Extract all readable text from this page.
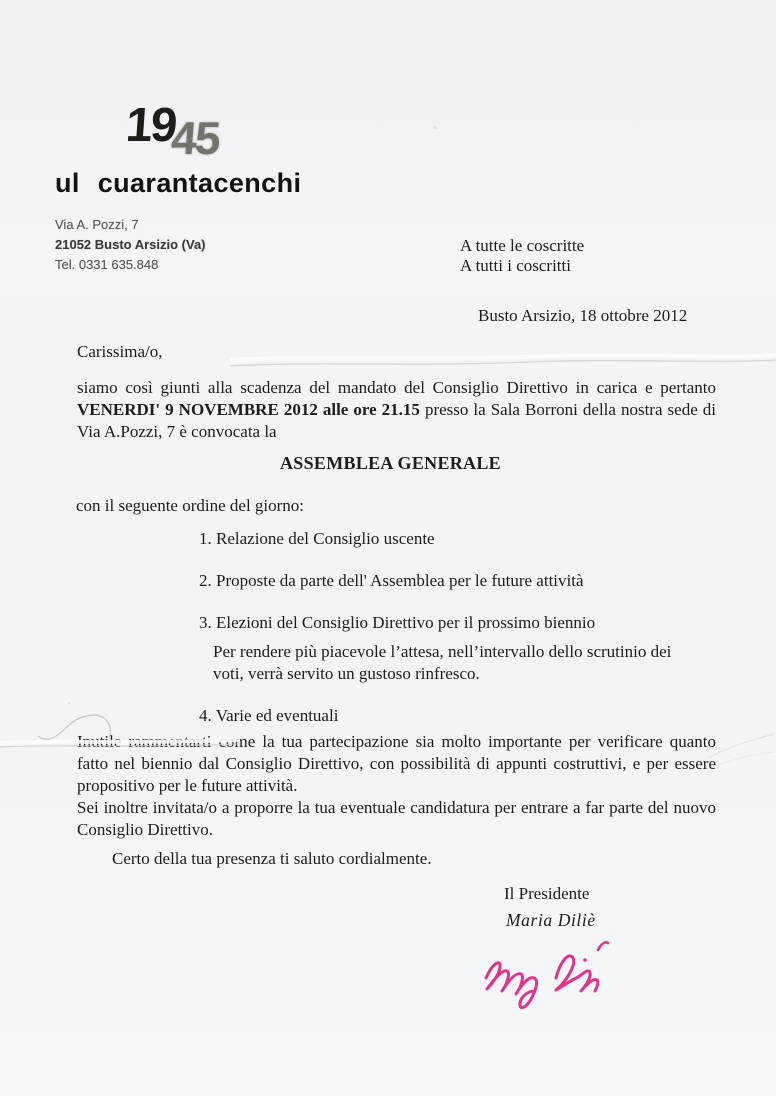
1945
ul cuarantacenchi
Via A. Pozzi, 7
21052 Busto Arsizio (Va)
Tel. 0331 635.848
A tutte le coscritte
A tutti i coscritti
Busto Arsizio, 18 ottobre 2012
Carissima/o,

siamo così giunti alla scadenza del mandato del Consiglio Direttivo in carica e pertanto VENERDI' 9 NOVEMBRE 2012 alle ore 21.15 presso la Sala Borroni della nostra sede di Via A.Pozzi, 7 è convocata la

ASSEMBLEA GENERALE
con il seguente ordine del giorno:
1. Relazione del Consiglio uscente
2. Proposte da parte dell' Assemblea per le future attività
3. Elezioni del Consiglio Direttivo per il prossimo biennio
Per rendere più piacevole l’attesa, nell’intervallo dello scrutinio dei voti, verrà servito un gustoso rinfresco.
4. Varie ed eventuali

Inutile rammentarti come la tua partecipazione sia molto importante per verificare quanto fatto nel biennio dal Consiglio Direttivo, con possibilità di appunti costruttivi, e per essere propositivo per le future attività.

Sei inoltre invitata/o a proporre la tua eventuale candidatura per entrare a far parte del nuovo Consiglio Direttivo.

Certo della tua presenza ti saluto cordialmente.
Il Presidente
Maria Diliè
